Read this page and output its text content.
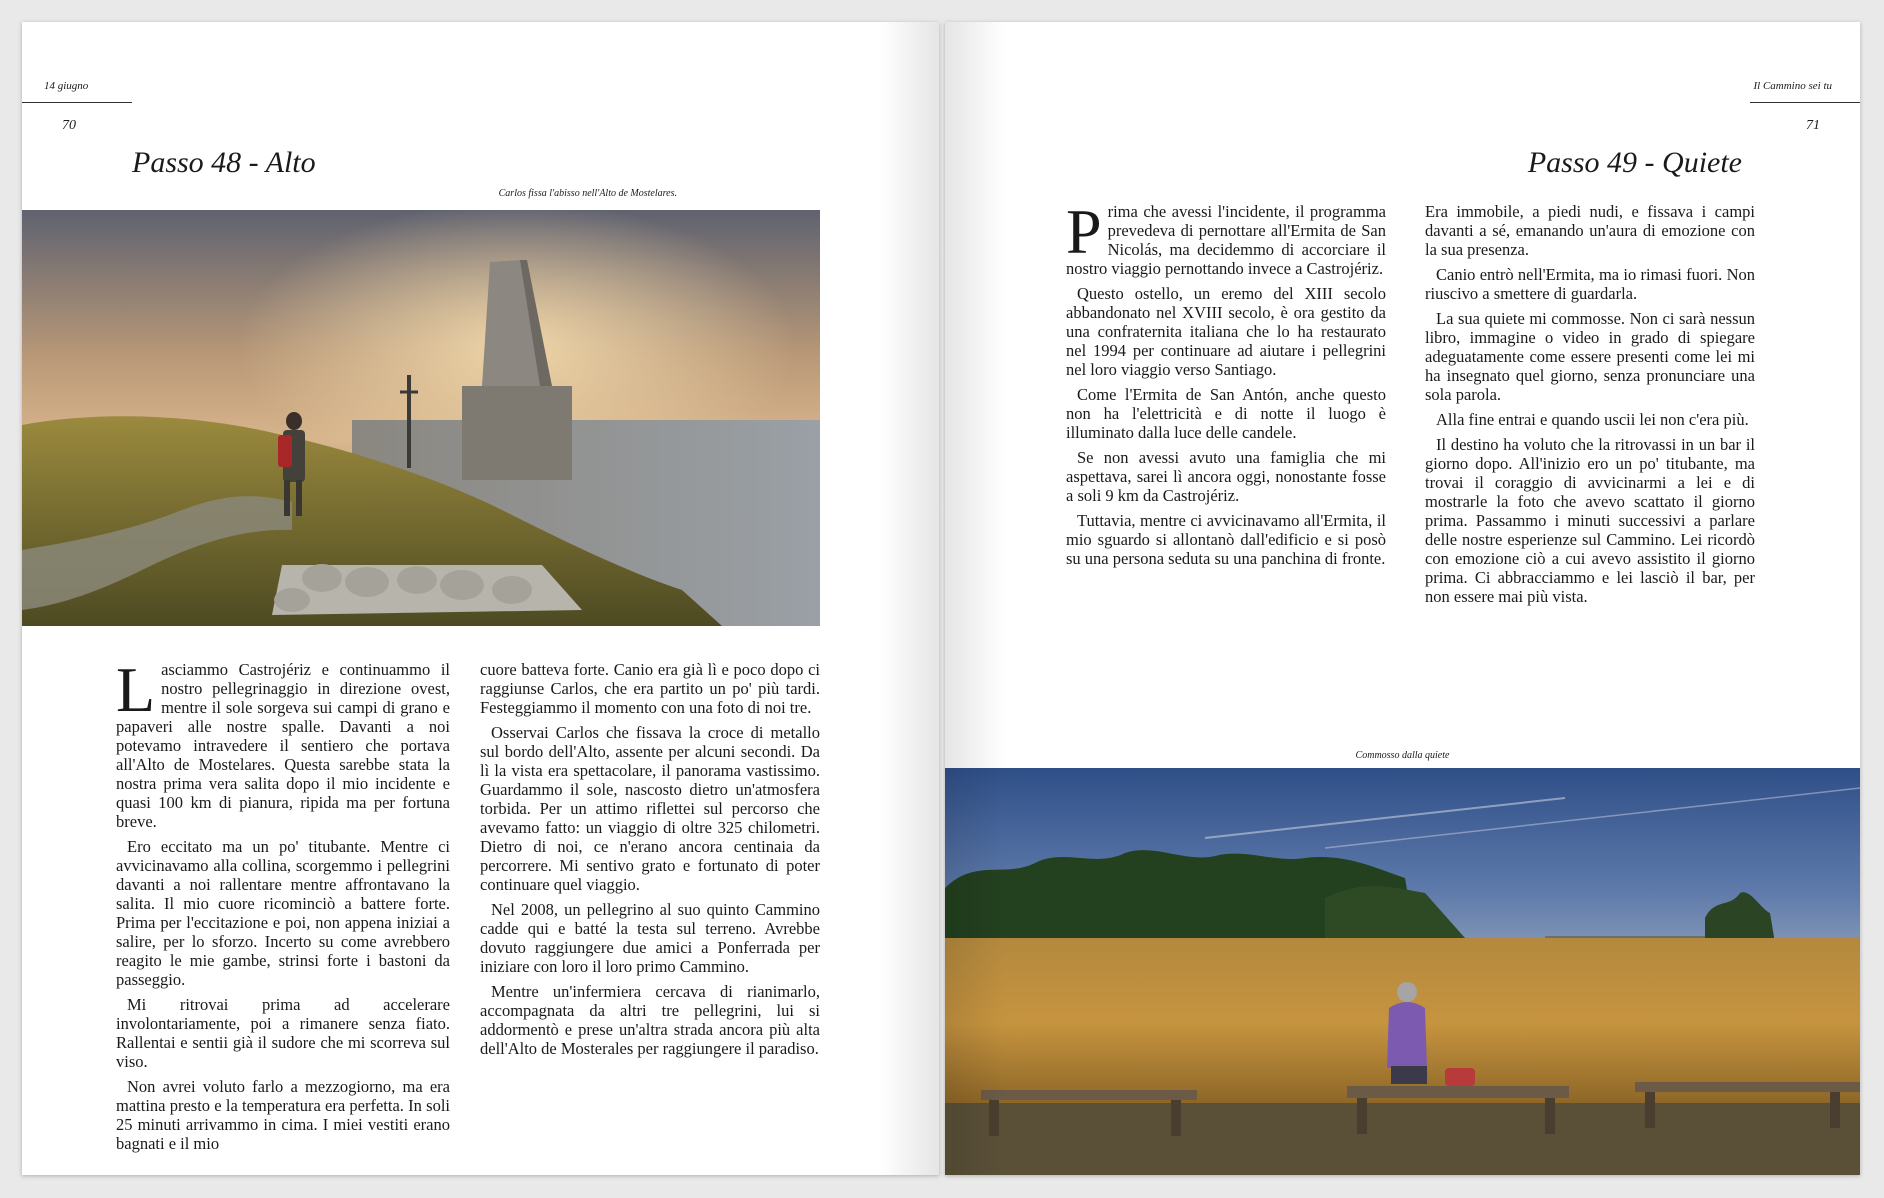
14 giugno
70
Passo 48 - Alto
Carlos fissa l'abisso nell'Alto de Mostelares.

Lasciammo Castrojériz e continuammo il nostro pellegrinaggio in direzione ovest, mentre il sole sorgeva sui campi di grano e papaveri alle nostre spalle. Davanti a noi potevamo intravedere il sentiero che portava all'Alto de Mostelares. Questa sarebbe stata la nostra prima vera salita dopo il mio incidente e quasi 100 km di pianura, ripida ma per fortuna breve.

Ero eccitato ma un po' titubante. Mentre ci avvicinavamo alla collina, scorgemmo i pellegrini davanti a noi rallentare mentre affrontavano la salita. Il mio cuore ricominciò a battere forte. Prima per l'eccitazione e poi, non appena iniziai a salire, per lo sforzo. Incerto su come avrebbero reagito le mie gambe, strinsi forte i bastoni da passeggio.

Mi ritrovai prima ad accelerare involontariamente, poi a rimanere senza fiato. Rallentai e sentii già il sudore che mi scorreva sul viso.

Non avrei voluto farlo a mezzogiorno, ma era mattina presto e la temperatura era perfetta. In soli 25 minuti arrivammo in cima. I miei vestiti erano bagnati e il mio

cuore batteva forte. Canio era già lì e poco dopo ci raggiunse Carlos, che era partito un po' più tardi. Festeggiammo il momento con una foto di noi tre.

Osservai Carlos che fissava la croce di metallo sul bordo dell'Alto, assente per alcuni secondi. Da lì la vista era spettacolare, il panorama vastissimo. Guardammo il sole, nascosto dietro un'atmosfera torbida. Per un attimo riflettei sul percorso che avevamo fatto: un viaggio di oltre 325 chilometri. Dietro di noi, ce n'erano ancora centinaia da percorrere. Mi sentivo grato e fortunato di poter continuare quel viaggio.

Nel 2008, un pellegrino al suo quinto Cammino cadde qui e batté la testa sul terreno. Avrebbe dovuto raggiungere due amici a Ponferrada per iniziare con loro il loro primo Cammino.

Mentre un'infermiera cercava di rianimarlo, accompagnata da altri tre pellegrini, lui si addormentò e prese un'altra strada ancora più alta dell'Alto de Mosterales per raggiungere il paradiso.

Il Cammino sei tu
71
Passo 49 - Quiete

Prima che avessi l'incidente, il programma prevedeva di pernottare all'Ermita de San Nicolás, ma decidemmo di accorciare il nostro viaggio pernottando invece a Castrojériz.

Questo ostello, un eremo del XIII secolo abbandonato nel XVIII secolo, è ora gestito da una confraternita italiana che lo ha restaurato nel 1994 per continuare ad aiutare i pellegrini nel loro viaggio verso Santiago.

Come l'Ermita de San Antón, anche questo non ha l'elettricità e di notte il luogo è illuminato dalla luce delle candele.

Se non avessi avuto una famiglia che mi aspettava, sarei lì ancora oggi, nonostante fosse a soli 9 km da Castrojériz.

Tuttavia, mentre ci avvicinavamo all'Ermita, il mio sguardo si allontanò dall'edificio e si posò su una persona seduta su una panchina di fronte.

Era immobile, a piedi nudi, e fissava i campi davanti a sé, emanando un'aura di emozione con la sua presenza.

Canio entrò nell'Ermita, ma io rimasi fuori. Non riuscivo a smettere di guardarla.

La sua quiete mi commosse. Non ci sarà nessun libro, immagine o video in grado di spiegare adeguatamente come essere presenti come lei mi ha insegnato quel giorno, senza pronunciare una sola parola.

Alla fine entrai e quando uscii lei non c'era più.

Il destino ha voluto che la ritrovassi in un bar il giorno dopo. All'inizio ero un po' titubante, ma trovai il coraggio di avvicinarmi a lei e di mostrarle la foto che avevo scattato il giorno prima. Passammo i minuti successivi a parlare delle nostre esperienze sul Cammino. Lei ricordò con emozione ciò a cui avevo assistito il giorno prima. Ci abbracciammo e lei lasciò il bar, per non essere mai più vista.

Commosso dalla quiete
